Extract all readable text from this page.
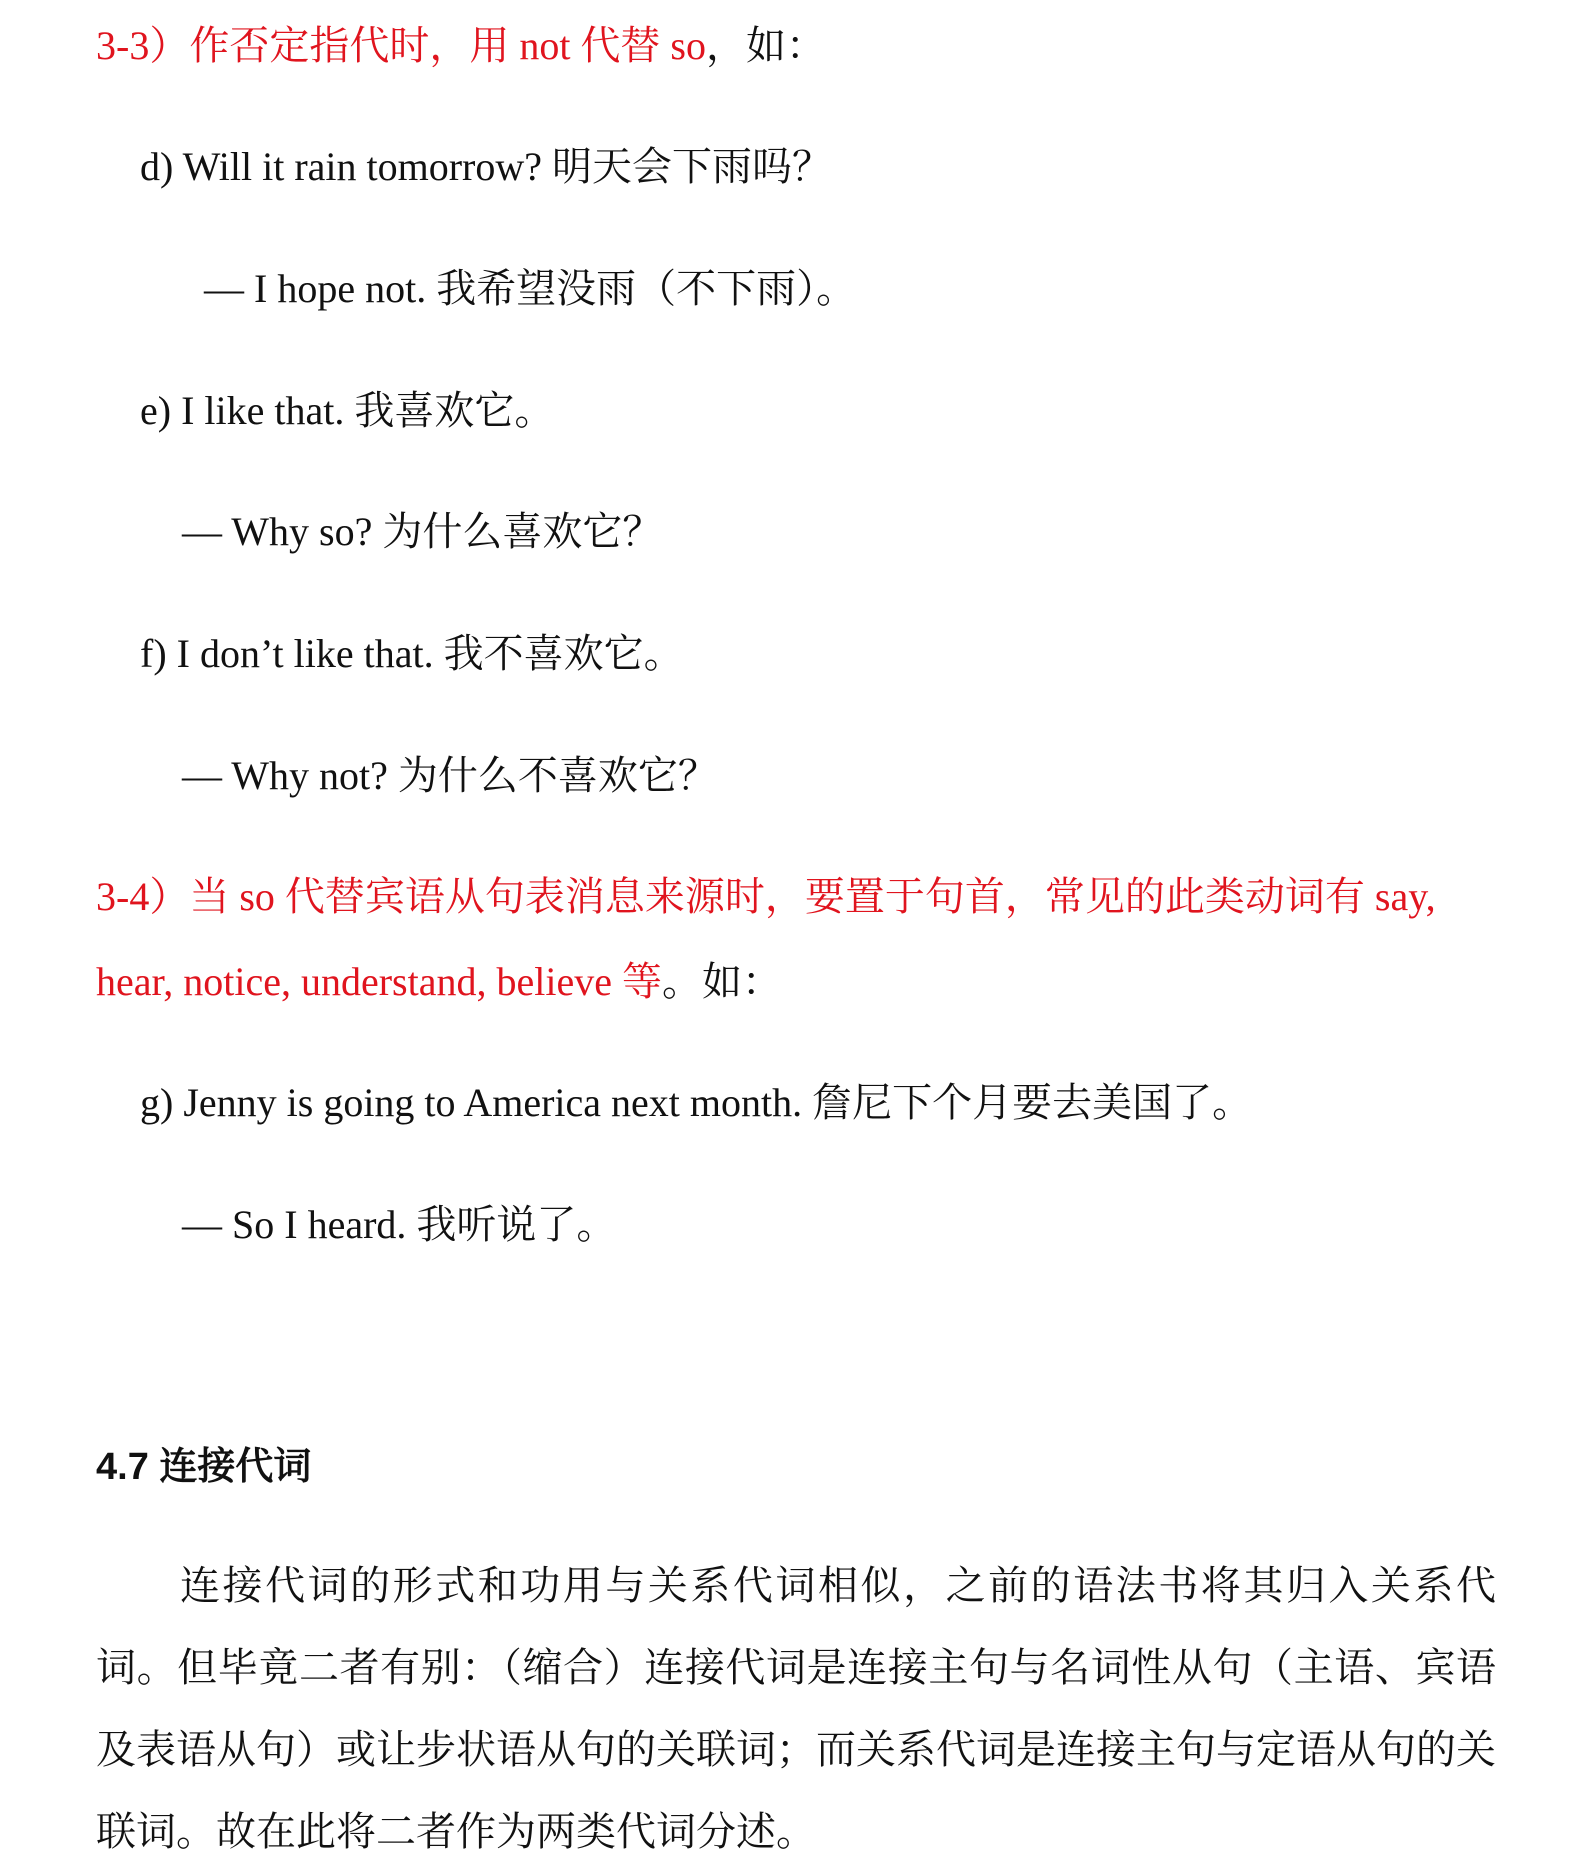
3-3）作否定指代时，用 not 代替 so，如：
d) Will it rain tomorrow? 明天会下雨吗？
— I hope not. 我希望没雨（不下雨）。
e) I like that. 我喜欢它。
— Why so? 为什么喜欢它？
f) I don’t like that. 我不喜欢它。
— Why not? 为什么不喜欢它？
3-4）当 so 代替宾语从句表消息来源时，要置于句首，常见的此类动词有 say,
hear, notice, understand, believe 等。如：
g) Jenny is going to America next month. 詹尼下个月要去美国了。
— So I heard. 我听说了。
4.7 连接代词
连接代词的形式和功用与关系代词相似，之前的语法书将其归入关系代词。但毕竟二者有别：（缩合）连接代词是连接主句与名词性从句（主语、宾语及表语从句）或让步状语从句的关联词；而关系代词是连接主句与定语从句的关联词。故在此将二者作为两类代词分述。
